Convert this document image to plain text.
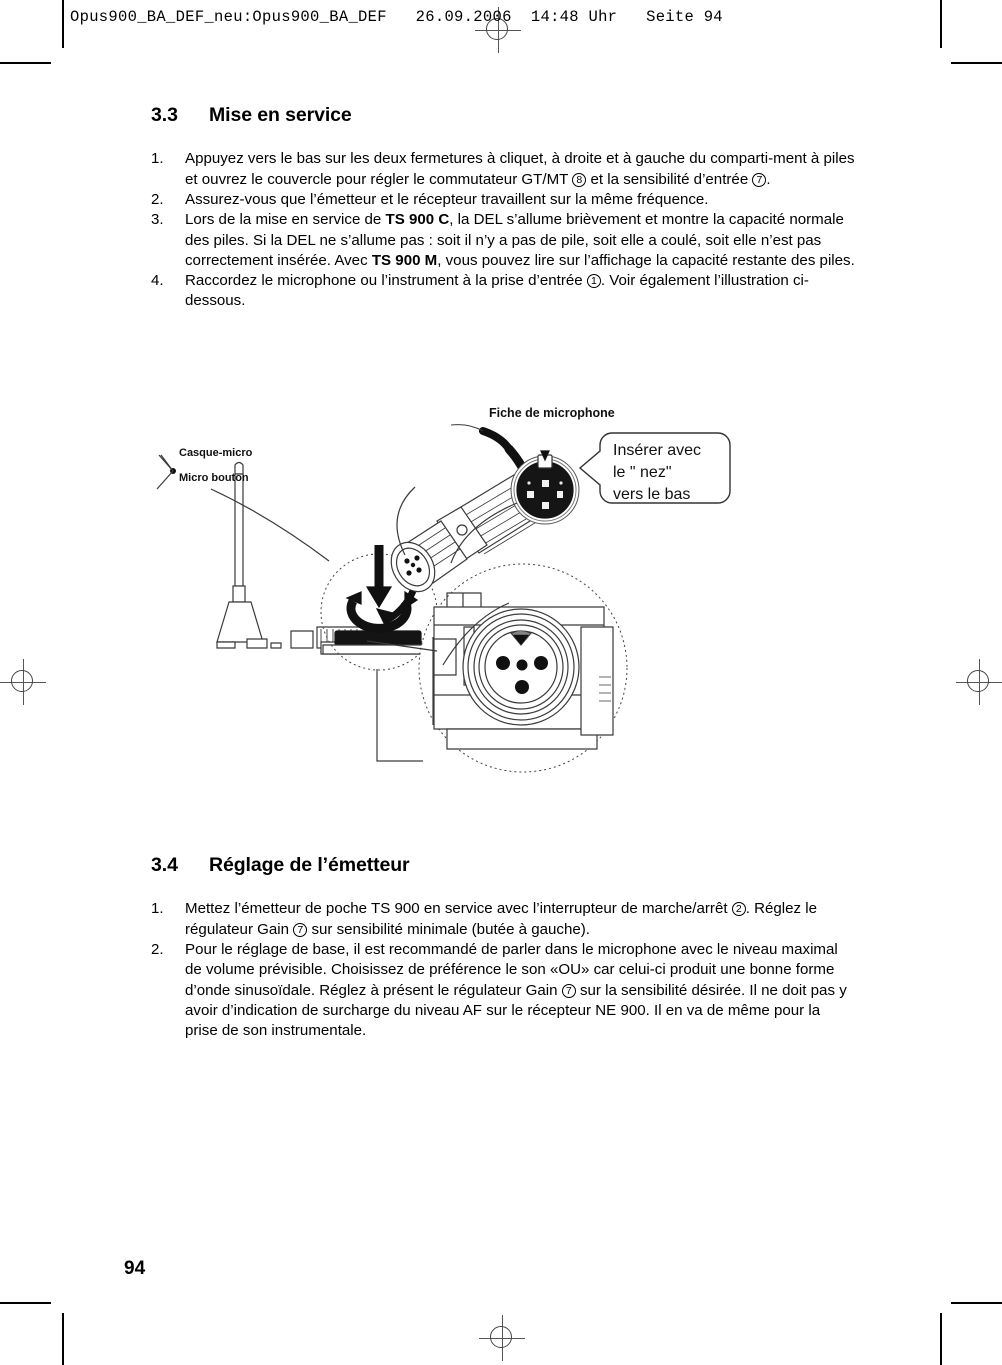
Opus900_BA_DEF_neu:Opus900_BA_DEF   26.09.2006  14:48 Uhr   Seite 94
3.3 Mise en service
1. Appuyez vers le bas sur les deux fermetures à cliquet, à droite et à gauche du comparti-ment à piles et ouvrez le couvercle pour régler le commutateur GT/MT 8 et la sensibilité d’entrée 7 .
2. Assurez-vous que l’émetteur et le récepteur travaillent sur la même fréquence.
3. Lors de la mise en service de TS 900 C, la DEL s’allume brièvement et montre la capacité normale des piles. Si la DEL ne s’allume pas : soit il n’y a pas de pile, soit elle a coulé, soit elle n’est pas correctement insérée. Avec TS 900 M, vous pouvez lire sur l’affichage la capacité restante des piles.
4. Raccordez le microphone ou l’instrument à la prise d’entrée 1 . Voir également l’illustration ci-dessous.
Fiche de microphone
Casque-micro
Micro bouton
Insérer avec
le " nez"
vers le bas
3.4 Réglage de l’émetteur
1. Mettez l’émetteur de poche TS 900 en service avec l’interrupteur de marche/arrêt 2 . Réglez le régulateur Gain 7 sur sensibilité minimale (butée à gauche).
2. Pour le réglage de base, il est recommandé de parler dans le microphone avec le niveau maximal de volume prévisible. Choisissez de préférence le son «OU» car celui-ci produit une bonne forme d’onde sinusoïdale. Réglez à présent le régulateur Gain 7 sur la sensibilité désirée. Il ne doit pas y avoir d’indication de surcharge du niveau AF sur le récepteur NE 900. Il en va de même pour la prise de son instrumentale.
94
